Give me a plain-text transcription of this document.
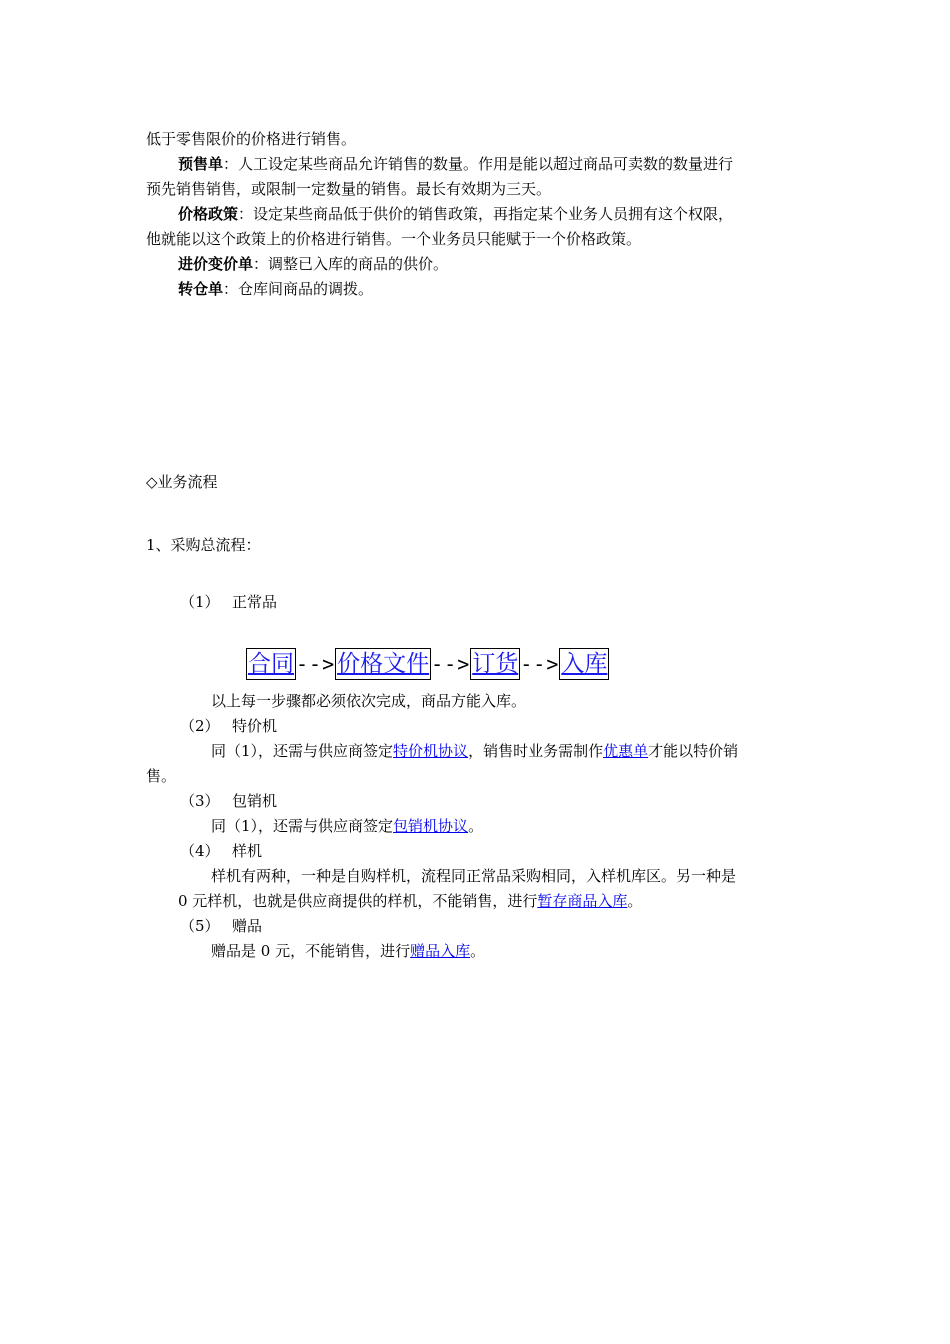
低于零售限价的价格进行销售。
预售单：人工设定某些商品允许销售的数量。作用是能以超过商品可卖数的数量进行
预先销售销售，或限制一定数量的销售。最长有效期为三天。
价格政策：设定某些商品低于供价的销售政策，再指定某个业务人员拥有这个权限，
他就能以这个政策上的价格进行销售。一个业务员只能赋于一个价格政策。
进价变价单：调整已入库的商品的供价。
转仓单：仓库间商品的调拨。
◇业务流程
1、采购总流程：
（1） 正常品
合同 --> 价格文件 --> 订货 --> 入库
以上每一步骤都必须依次完成，商品方能入库。
（2） 特价机
同（1），还需与供应商签定特价机协议，销售时业务需制作优惠单才能以特价销
售。
（3） 包销机
同（1），还需与供应商签定包销机协议。
（4） 样机
样机有两种，一种是自购样机，流程同正常品采购相同，入样机库区。另一种是
0 元样机，也就是供应商提供的样机，不能销售，进行暂存商品入库。
（5） 赠品
赠品是 0 元，不能销售，进行赠品入库。
